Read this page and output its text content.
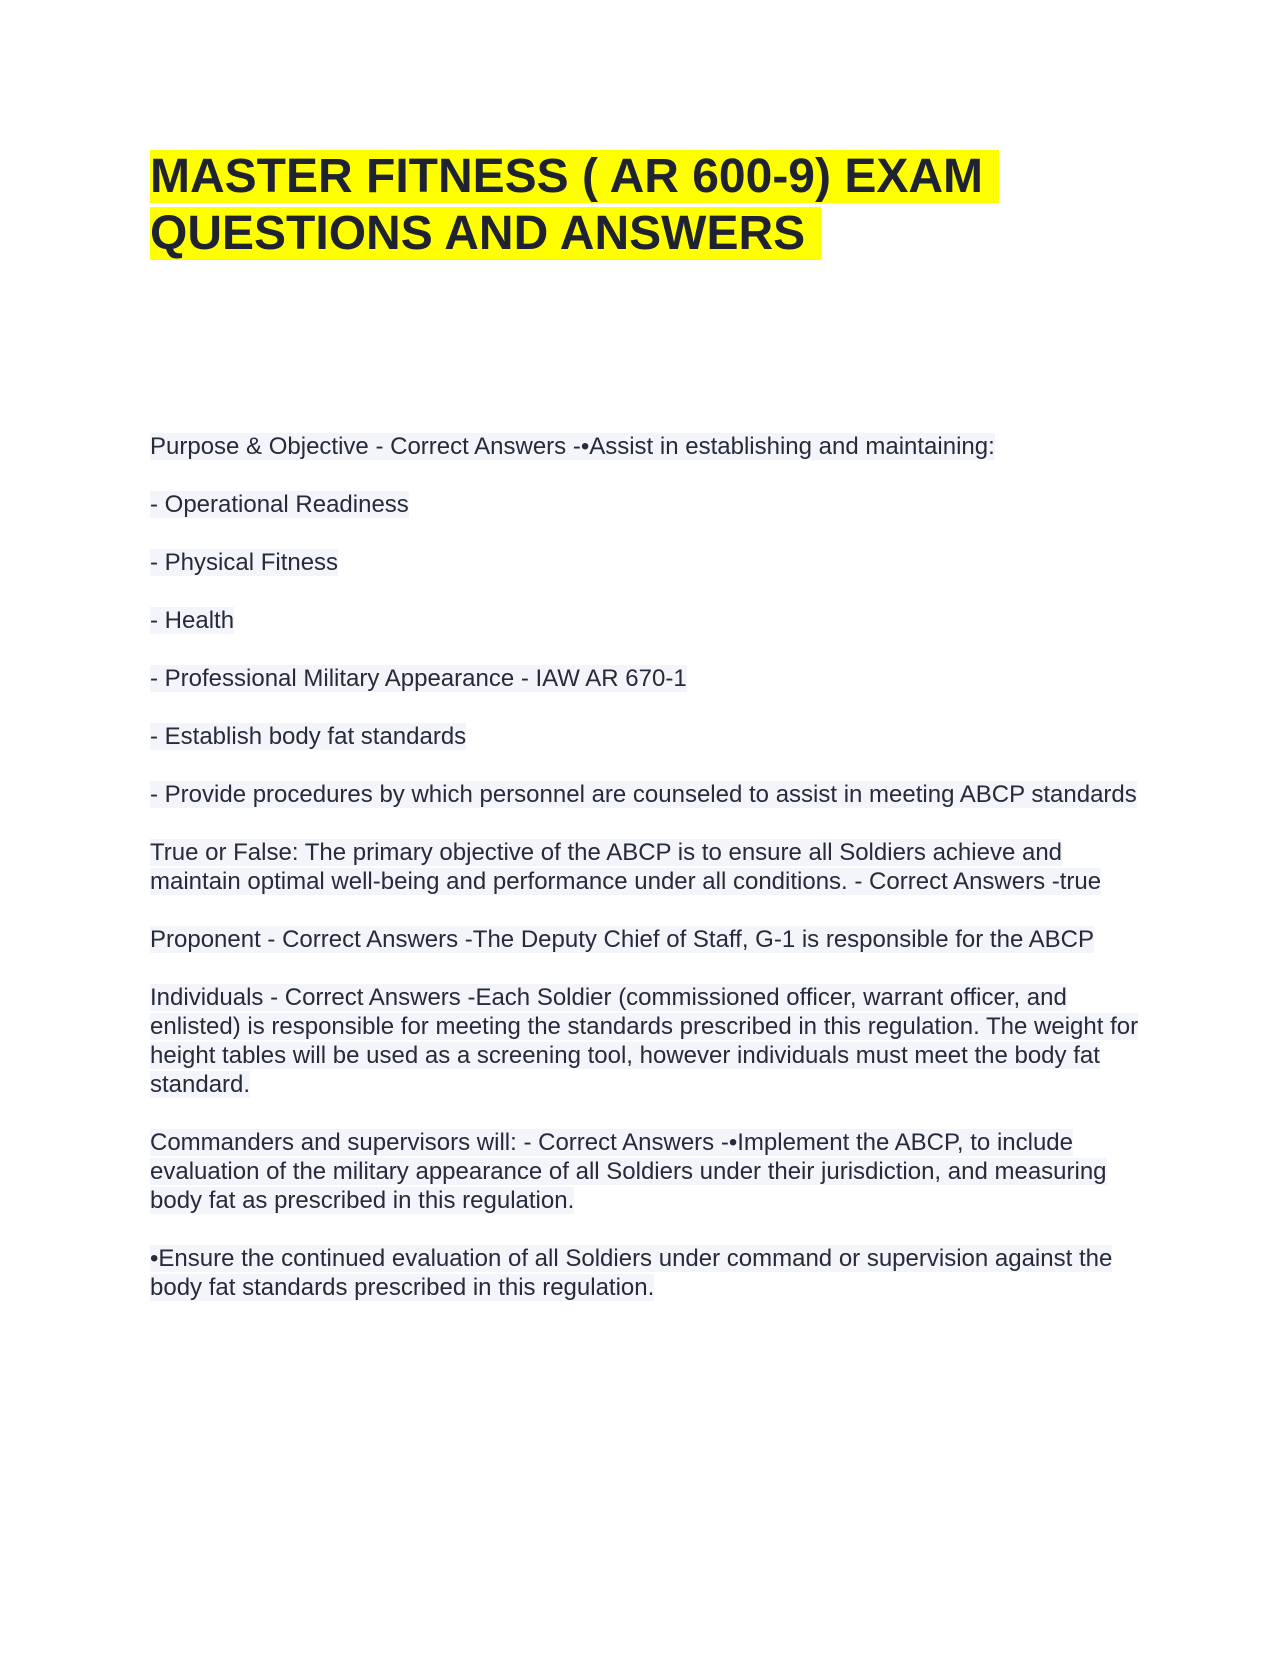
MASTER FITNESS ( AR 600-9) EXAM
QUESTIONS AND ANSWERS

Purpose & Objective - Correct Answers -•Assist in establishing and maintaining:

- Operational Readiness

- Physical Fitness

- Health

- Professional Military Appearance - IAW AR 670-1

- Establish body fat standards

- Provide procedures by which personnel are counseled to assist in meeting ABCP standards

True or False: The primary objective of the ABCP is to ensure all Soldiers achieve and maintain optimal well-being and performance under all conditions. - Correct Answers -true

Proponent - Correct Answers -The Deputy Chief of Staff, G-1 is responsible for the ABCP

Individuals - Correct Answers -Each Soldier (commissioned officer, warrant officer, and enlisted) is responsible for meeting the standards prescribed in this regulation. The weight for height tables will be used as a screening tool, however individuals must meet the body fat standard.

Commanders and supervisors will: - Correct Answers -•Implement the ABCP, to include evaluation of the military appearance of all Soldiers under their jurisdiction, and measuring body fat as prescribed in this regulation.

•Ensure the continued evaluation of all Soldiers under command or supervision against the body fat standards prescribed in this regulation.
